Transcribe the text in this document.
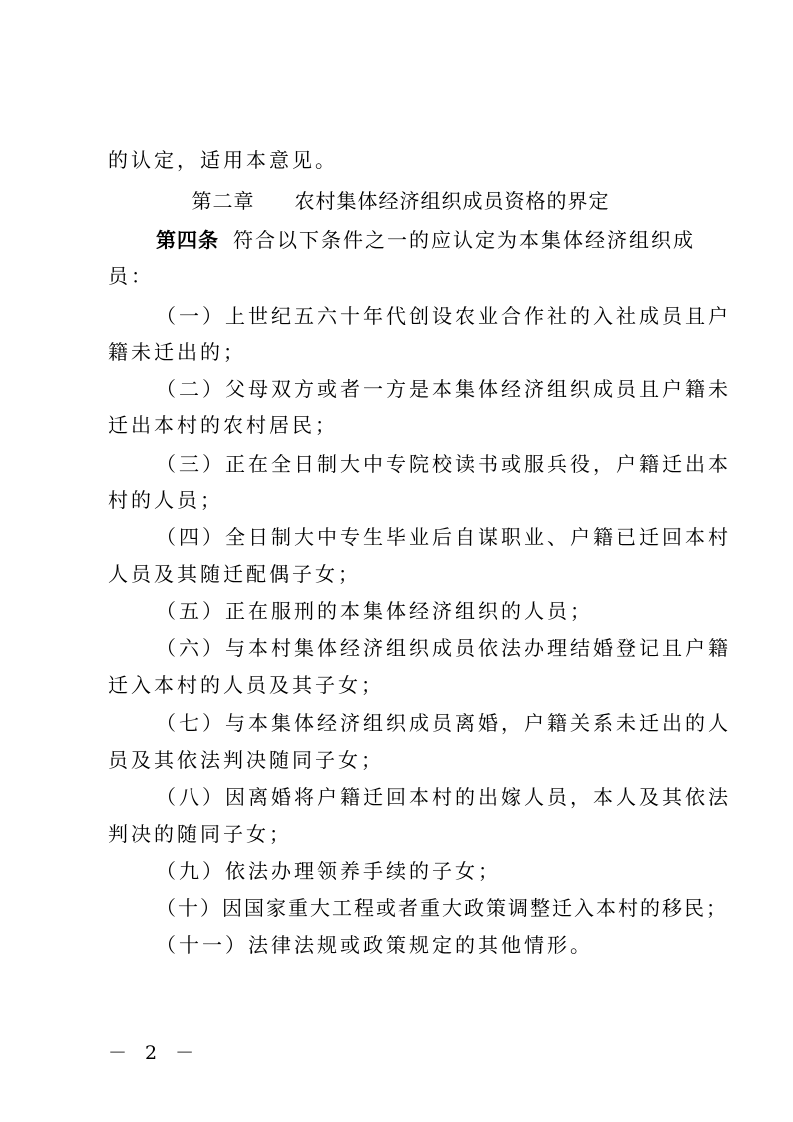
的认定，适用本意见。
第二章 农村集体经济组织成员资格的界定
第四条 符合以下条件之一的应认定为本集体经济组织成
员：
（一）上世纪五六十年代创设农业合作社的入社成员且户
籍未迁出的；
（二）父母双方或者一方是本集体经济组织成员且户籍未
迁出本村的农村居民；
（三）正在全日制大中专院校读书或服兵役，户籍迁出本
村的人员；
（四）全日制大中专生毕业后自谋职业、户籍已迁回本村
人员及其随迁配偶子女；
（五）正在服刑的本集体经济组织的人员；
（六）与本村集体经济组织成员依法办理结婚登记且户籍
迁入本村的人员及其子女；
（七）与本集体经济组织成员离婚，户籍关系未迁出的人
员及其依法判决随同子女；
（八）因离婚将户籍迁回本村的出嫁人员，本人及其依法
判决的随同子女；
（九）依法办理领养手续的子女；
（十）因国家重大工程或者重大政策调整迁入本村的移民；
（十一）法律法规或政策规定的其他情形。
－ 2 －
